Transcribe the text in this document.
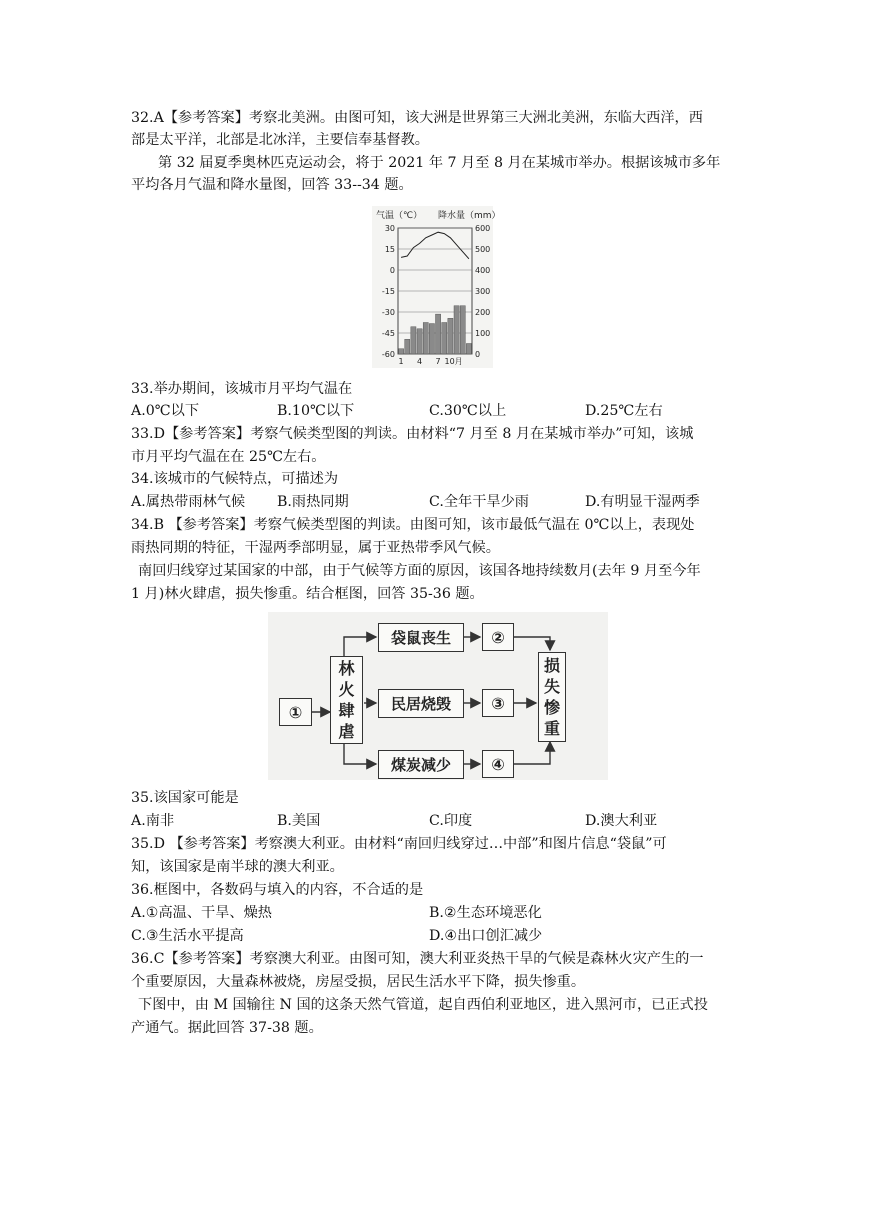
32.A【参考答案】考察北美洲。由图可知，该大洲是世界第三大洲北美洲，东临大西洋，西
部是太平洋，北部是北冰洋，主要信奉基督教。
第 32 届夏季奥林匹克运动会，将于 2021 年 7 月至 8 月在某城市举办。根据该城市多年
平均各月气温和降水量图，回答 33--34 题。
气温（℃） 降水量（mm）
30
15
0
-15
-30
-45
-60
600
500
400
300
200
100
0
1 4 7 10月
33.举办期间，该城市月平均气温在
A.0℃以下	B.10℃以下	C.30℃以上	D.25℃左右
33.D【参考答案】考察气候类型图的判读。由材料“7 月至 8 月在某城市举办”可知，该城
市月平均气温在在 25℃左右。
34.该城市的气候特点，可描述为
A.属热带雨林气候 B.雨热同期	C.全年干旱少雨	D.有明显干湿两季
34.B 【参考答案】考察气候类型图的判读。由图可知，该市最低气温在 0℃以上，表现处
雨热同期的特征，干湿两季部明显，属于亚热带季风气候。
南回归线穿过某国家的中部，由于气候等方面的原因，该国各地持续数月(去年 9 月至今年
1 月)林火肆虐，损失惨重。结合框图，回答 35-36 题。
①
林
火
肆
虐
袋鼠丧生
民居烧毁
煤炭减少
②
③
④
损
失
惨
重
35.该国家可能是
A.南非	B.美国	C.印度	D.澳大利亚
35.D 【参考答案】考察澳大利亚。由材料“南回归线穿过…中部”和图片信息“袋鼠”可
知，该国家是南半球的澳大利亚。
36.框图中，各数码与填入的内容，不合适的是
A.①高温、干旱、燥热	B.②生态环境恶化
C.③生活水平提高	D.④出口创汇减少
36.C【参考答案】考察澳大利亚。由图可知，澳大利亚炎热干旱的气候是森林火灾产生的一
个重要原因，大量森林被烧，房屋受损，居民生活水平下降，损失惨重。
下图中，由 M 国输往 N 国的这条天然气管道，起自西伯利亚地区，进入黑河市，已正式投
产通气。据此回答 37-38 题。
